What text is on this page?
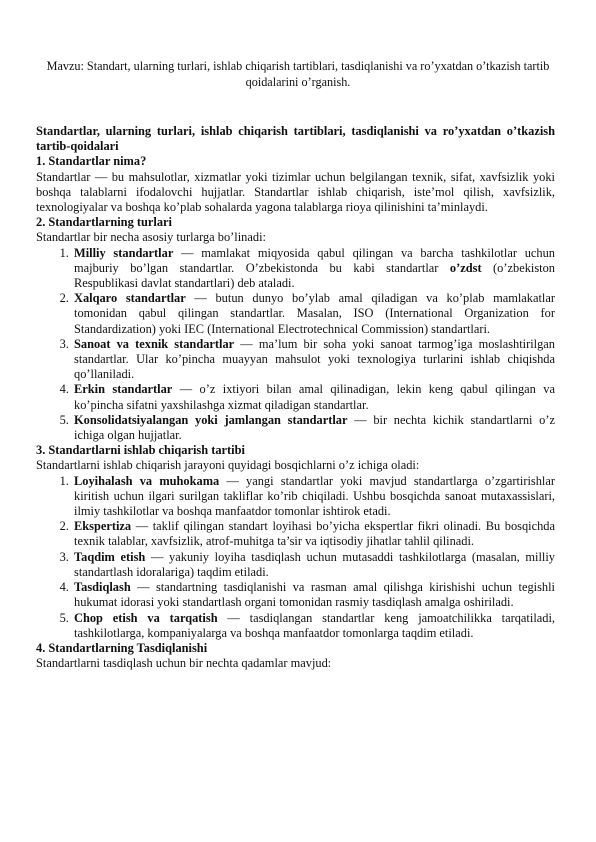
Mavzu: Standart, ularning turlari, ishlab chiqarish tartiblari, tasdiqlanishi va ro’yxatdan o’tkazish tartib qoidalarini o’rganish.

Standartlar, ularning turlari, ishlab chiqarish tartiblari, tasdiqlanishi va ro’yxatdan o’tkazish tartib-qoidalari

1. Standartlar nima?

Standartlar — bu mahsulotlar, xizmatlar yoki tizimlar uchun belgilangan texnik, sifat, xavfsizlik yoki boshqa talablarni ifodalovchi hujjatlar. Standartlar ishlab chiqarish, iste’mol qilish, xavfsizlik, texnologiyalar va boshqa ko’plab sohalarda yagona talablarga rioya qilinishini ta’minlaydi.

2. Standartlarning turlari

Standartlar bir necha asosiy turlarga bo’linadi:

1. Milliy standartlar — mamlakat miqyosida qabul qilingan va barcha tashkilotlar uchun majburiy bo’lgan standartlar. O’zbekistonda bu kabi standartlar o’zdst (o’zbekiston Respublikasi davlat standartlari) deb ataladi.
2. Xalqaro standartlar — butun dunyo bo’ylab amal qiladigan va ko’plab mamlakatlar tomonidan qabul qilingan standartlar. Masalan, ISO (International Organization for Standardization) yoki IEC (International Electrotechnical Commission) standartlari.
3. Sanoat va texnik standartlar — ma’lum bir soha yoki sanoat tarmog’iga moslashtirilgan standartlar. Ular ko’pincha muayyan mahsulot yoki texnologiya turlarini ishlab chiqishda qo’llaniladi.
4. Erkin standartlar — o’z ixtiyori bilan amal qilinadigan, lekin keng qabul qilingan va ko’pincha sifatni yaxshilashga xizmat qiladigan standartlar.
5. Konsolidatsiyalangan yoki jamlangan standartlar — bir nechta kichik standartlarni o’z ichiga olgan hujjatlar.

3. Standartlarni ishlab chiqarish tartibi

Standartlarni ishlab chiqarish jarayoni quyidagi bosqichlarni o’z ichiga oladi:

1. Loyihalash va muhokama — yangi standartlar yoki mavjud standartlarga o’zgartirishlar kiritish uchun ilgari surilgan takliflar ko’rib chiqiladi. Ushbu bosqichda sanoat mutaxassislari, ilmiy tashkilotlar va boshqa manfaatdor tomonlar ishtirok etadi.
2. Ekspertiza — taklif qilingan standart loyihasi bo’yicha ekspertlar fikri olinadi. Bu bosqichda texnik talablar, xavfsizlik, atrof-muhitga ta’sir va iqtisodiy jihatlar tahlil qilinadi.
3. Taqdim etish — yakuniy loyiha tasdiqlash uchun mutasaddi tashkilotlarga (masalan, milliy standartlash idoralariga) taqdim etiladi.
4. Tasdiqlash — standartning tasdiqlanishi va rasman amal qilishga kirishishi uchun tegishli hukumat idorasi yoki standartlash organi tomonidan rasmiy tasdiqlash amalga oshiriladi.
5. Chop etish va tarqatish — tasdiqlangan standartlar keng jamoatchilikka tarqatiladi, tashkilotlarga, kompaniyalarga va boshqa manfaatdor tomonlarga taqdim etiladi.

4. Standartlarning Tasdiqlanishi

Standartlarni tasdiqlash uchun bir nechta qadamlar mavjud:
